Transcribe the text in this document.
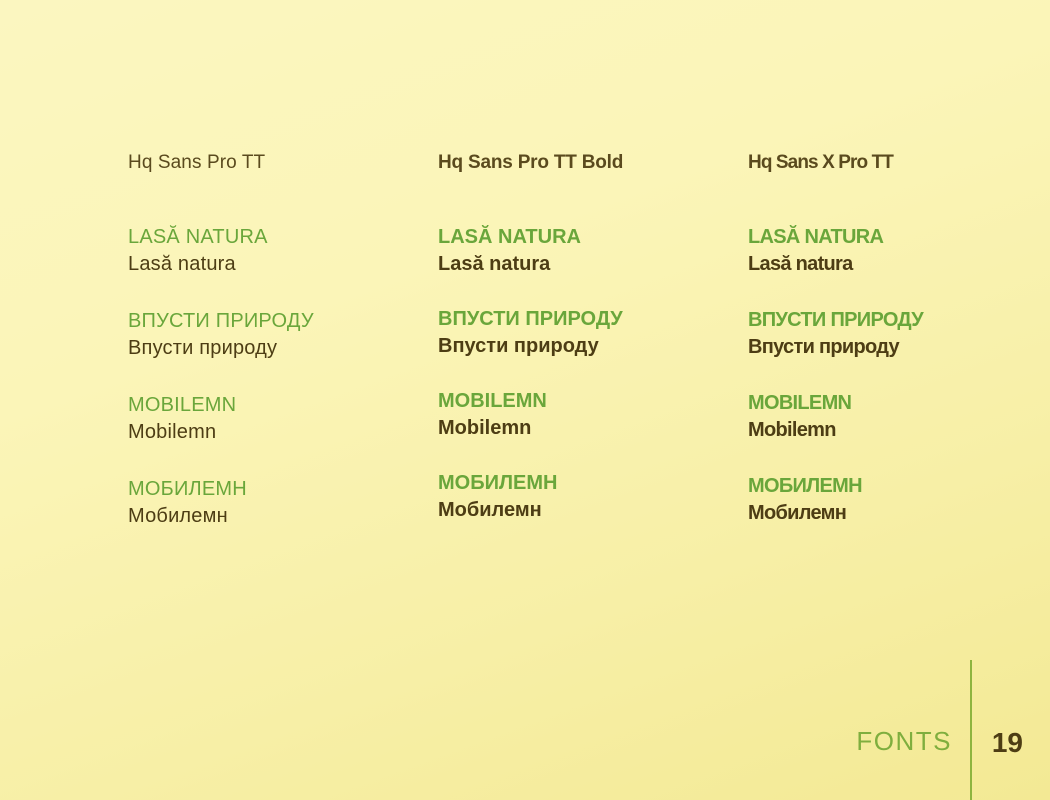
Hq Sans Pro TT
LASĂ NATURA
Lasă natura
ВПУСТИ ПРИРОДУ
Впусти природу
MOBILEMN
Mobilemn
МОБИЛЕМН
Мобилемн
Hq Sans Pro TT Bold
LASĂ NATURA
Lasă natura
ВПУСТИ ПРИРОДУ
Впусти природу
MOBILEMN
Mobilemn
МОБИЛЕМН
Мобилемн
Hq Sans X Pro TT
LASĂ NATURA
Lasă natura
ВПУСТИ ПРИРОДУ
Впусти природу
MOBILEMN
Mobilemn
МОБИЛЕМН
Мобилемн
FONTS 19
